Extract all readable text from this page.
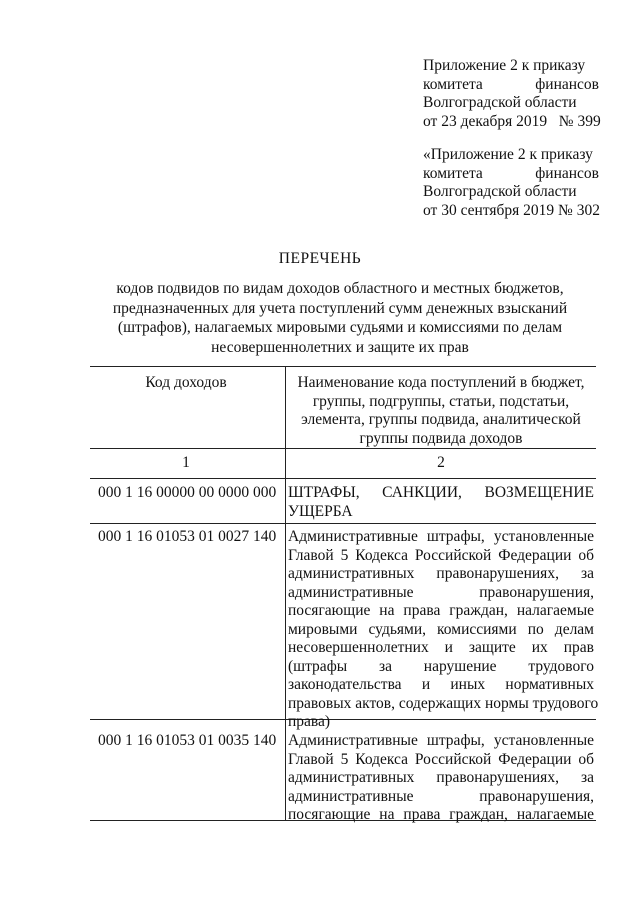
Приложение 2 к приказу
комитета финансов
Волгоградской области
от 23 декабря 2019   № 399
«Приложение 2 к приказу
комитета финансов
Волгоградской области
от 30 сентября 2019 № 302
ПЕРЕЧЕНЬ
кодов подвидов по видам доходов областного и местных бюджетов,
предназначенных для учета поступлений сумм денежных взысканий
(штрафов), налагаемых мировыми судьями и комиссиями по делам
несовершеннолетних и защите их прав
Код доходов	Наименование кода поступлений в бюджет,
группы, подгруппы, статьи, подстатьи,
элемента, группы подвида, аналитической
группы подвида доходов
1	2
000 1 16 00000 00 0000 000 ШТРАФЫ, САНКЦИИ, ВОЗМЕЩЕНИЕ
УЩЕРБА
000 1 16 01053 01 0027 140 Административные штрафы, установленные
Главой 5 Кодекса Российской Федерации об
административных правонарушениях, за
административные правонарушения,
посягающие на права граждан, налагаемые
мировыми судьями, комиссиями по делам
несовершеннолетних и защите их прав
(штрафы за нарушение трудового
законодательства и иных нормативных
правовых актов, содержащих нормы трудового
права)
000 1 16 01053 01 0035 140 Административные штрафы, установленные
Главой 5 Кодекса Российской Федерации об
административных правонарушениях, за
административные правонарушения,
посягающие на права граждан, налагаемые
